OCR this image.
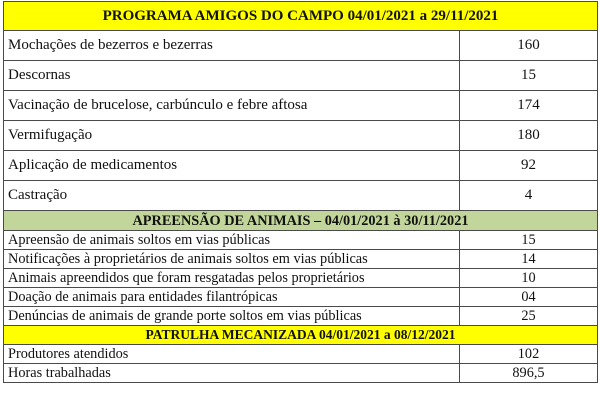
PROGRAMA AMIGOS DO CAMPO 04/01/2021 a 29/11/2021	
Mochações de bezerros e bezerras	160
Descornas	15
Vacinação de brucelose, carbúnculo e febre aftosa	174
Vermifugação	180
Aplicação de medicamentos	92
Castração	4
APREENSÃO DE ANIMAIS – 04/01/2021 à 30/11/2021	
Apreensão de animais soltos em vias públicas	15
Notificações à proprietários de animais soltos em vias públicas	14
Animais apreendidos que foram resgatadas pelos proprietários	10
Doação de animais para entidades filantrópicas	04
Denúncias de animais de grande porte soltos em vias públicas	25
PATRULHA MECANIZADA 04/01/2021 a 08/12/2021	
Produtores atendidos	102
Horas trabalhadas	896,5
